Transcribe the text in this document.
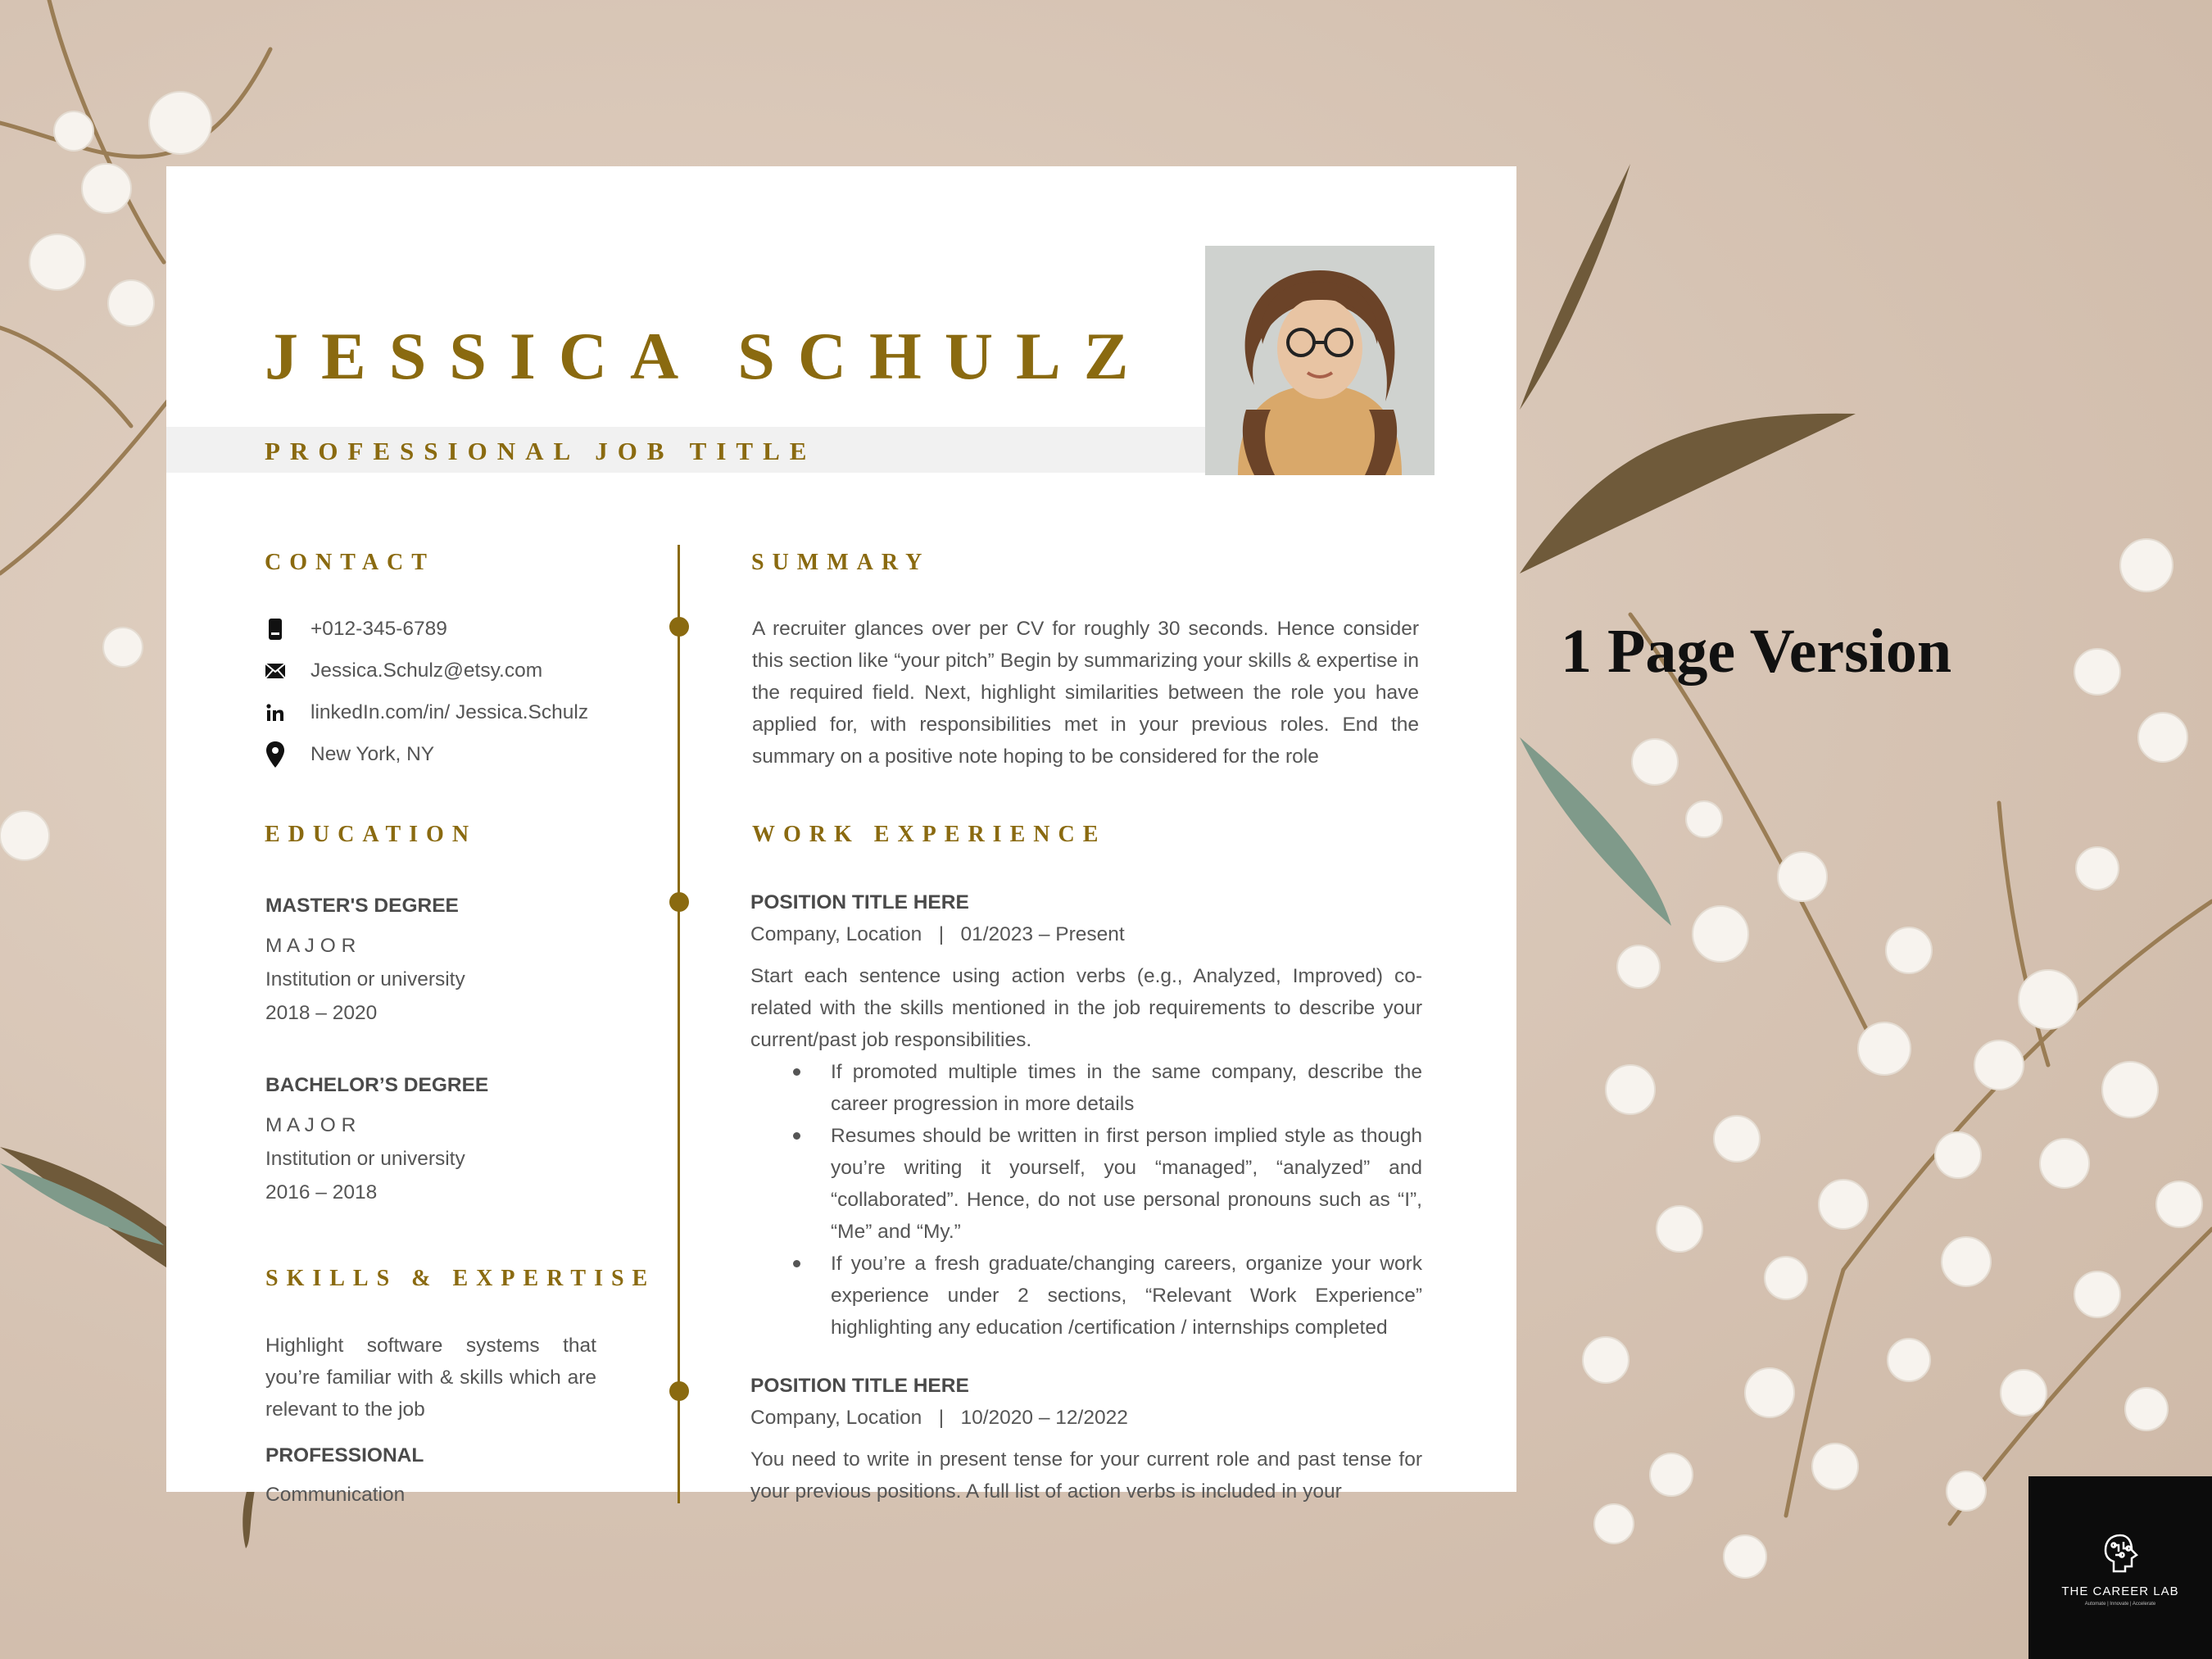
JESSICA SCHULZ
PROFESSIONAL JOB TITLE
CONTACT
+012-345-6789
Jessica.Schulz@etsy.com
linkedIn.com/in/ Jessica.Schulz
New York, NY
EDUCATION
MASTER'S DEGREE
M A J O R
Institution or university
2018 – 2020
BACHELOR’S DEGREE
M A J O R
Institution or university
2016 – 2018
SKILLS & EXPERTISE
Highlight software systems that you’re familiar with & skills which are relevant to the job
PROFESSIONAL
Communication
SUMMARY
A recruiter glances over per CV for roughly 30 seconds. Hence consider this section like “your pitch” Begin by summarizing your skills & expertise in the required field. Next, highlight similarities between the role you have applied for, with responsibilities met in your previous roles. End the summary on a positive note hoping to be considered for the role
WORK EXPERIENCE
POSITION TITLE HERE
Company, Location   |   01/2023 – Present
Start each sentence using action verbs (e.g., Analyzed, Improved) co-related with the skills mentioned in the job requirements to describe your current/past job responsibilities.
If promoted multiple times in the same company, describe the career progression in more details
Resumes should be written in first person implied style as though you’re writing it yourself, you “managed”, “analyzed” and “collaborated”. Hence, do not use personal pronouns such as “I”, “Me” and “My.”
If you’re a fresh graduate/changing careers, organize your work experience under 2 sections, “Relevant Work Experience” highlighting any education /certification / internships completed
POSITION TITLE HERE
Company, Location   |   10/2020 – 12/2022
You need to write in present tense for your current role and past tense for your previous positions. A full list of action verbs is included in your
1 Page Version
THE CAREER LAB
Automate | Innovate | Accelerate
